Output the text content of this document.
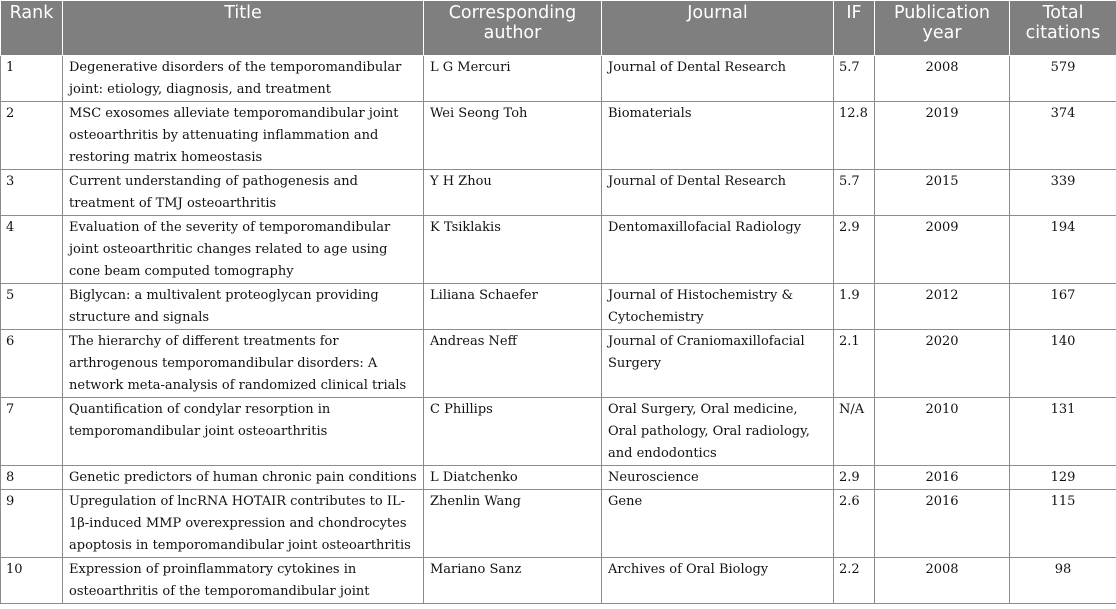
Rank	Title	Corresponding author	Journal	IF	Publication year	Total citations
1	Degenerative disorders of the temporomandibular joint: etiology, diagnosis, and treatment	L G Mercuri	Journal of Dental Research	5.7	2008	579
2	MSC exosomes alleviate temporomandibular joint osteoarthritis by attenuating inflammation and restoring matrix homeostasis	Wei Seong Toh	Biomaterials	12.8	2019	374
3	Current understanding of pathogenesis and treatment of TMJ osteoarthritis	Y H Zhou	Journal of Dental Research	5.7	2015	339
4	Evaluation of the severity of temporomandibular joint osteoarthritic changes related to age using cone beam computed tomography	K Tsiklakis	Dentomaxillofacial Radiology	2.9	2009	194
5	Biglycan: a multivalent proteoglycan providing structure and signals	Liliana Schaefer	Journal of Histochemistry & Cytochemistry	1.9	2012	167
6	The hierarchy of different treatments for arthrogenous temporomandibular disorders: A network meta-analysis of randomized clinical trials	Andreas Neff	Journal of Craniomaxillofacial Surgery	2.1	2020	140
7	Quantification of condylar resorption in temporomandibular joint osteoarthritis	C Phillips	Oral Surgery, Oral medicine, Oral pathology, Oral radiology, and endodontics	N/A	2010	131
8	Genetic predictors of human chronic pain conditions	L Diatchenko	Neuroscience	2.9	2016	129
9	Upregulation of lncRNA HOTAIR contributes to IL-1β-induced MMP overexpression and chondrocytes apoptosis in temporomandibular joint osteoarthritis	Zhenlin Wang	Gene	2.6	2016	115
10	Expression of proinflammatory cytokines in osteoarthritis of the temporomandibular joint	Mariano Sanz	Archives of Oral Biology	2.2	2008	98
